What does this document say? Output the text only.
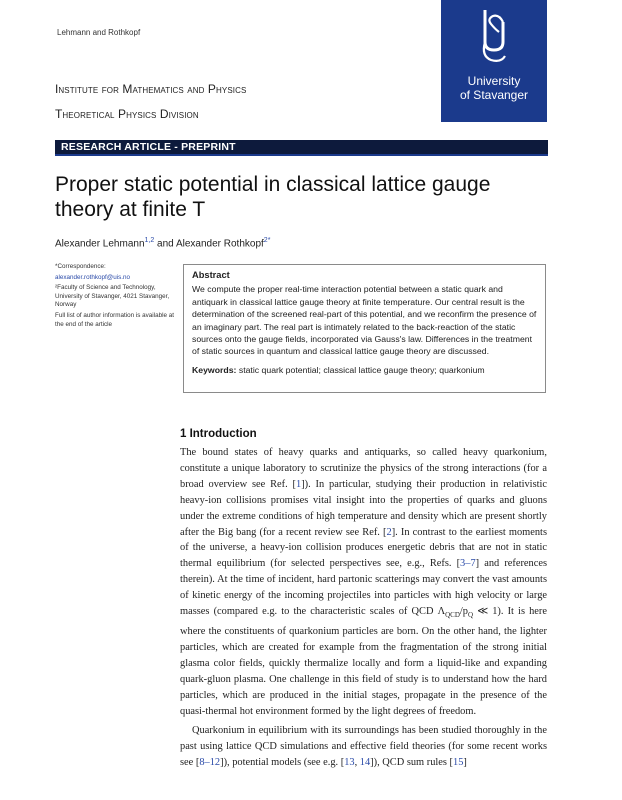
Lehmann and Rothkopf
Institute for Mathematics and Physics
Theoretical Physics Division
University
of Stavanger
RESEARCH ARTICLE - PREPRINT
Proper static potential in classical lattice gauge theory at finite T
Alexander Lehmann$^{1,2}$ and Alexander Rothkopf$^{2*}$

*Correspondence:

alexander.rothkopf@uis.no

²Faculty of Science and Technology, University of Stavanger, 4021 Stavanger, Norway

Full list of author information is available at the end of the article

Abstract
We compute the proper real-time interaction potential between a static quark and antiquark in classical lattice gauge theory at finite temperature. Our central result is the determination of the screened real-part of this potential, and we reconfirm the presence of an imaginary part. The real part is intimately related to the back-reaction of the static sources onto the gauge fields, incorporated via Gauss's law. Differences in the treatment of static sources in quantum and classical lattice gauge theory are discussed.
Keywords: static quark potential; classical lattice gauge theory; quarkonium
1 Introduction

The bound states of heavy quarks and antiquarks, so called heavy quarkonium, constitute a unique laboratory to scrutinize the physics of the strong interactions (for a broad overview see Ref. [1]). In particular, studying their production in relativistic heavy-ion collisions promises vital insight into the properties of quarks and gluons under the extreme conditions of high temperature and density which are present shortly after the Big bang (for a recent review see Ref. [2]. In contrast to the earliest moments of the universe, a heavy-ion collision produces energetic debris that are not in static thermal equilibrium (for selected perspectives see, e.g., Refs. [3–7] and references therein). At the time of incident, hard partonic scatterings may convert the vast amounts of kinetic energy of the incoming projectiles into particles with high velocity or large masses (compared e.g. to the characteristic scales of QCD $\Lambda_{QCD}/p_Q$ ≪ 1). It is here where the constituents of quarkonium particles are born. On the other hand, the lighter particles, which are created for example from the fragmentation of the strong initial glasma color fields, quickly thermalize locally and form a liquid-like and expanding quark-gluon plasma. One challenge in this field of study is to understand how the hard particles, which are produced in the initial stages, propagate in the presence of the quasi-thermal hot environment formed by the light degrees of freedom.

Quarkonium in equilibrium with its surroundings has been studied thoroughly in the past using lattice QCD simulations and effective field theories (for some recent works see [8–12]), potential models (see e.g. [13, 14]), QCD sum rules [15]
